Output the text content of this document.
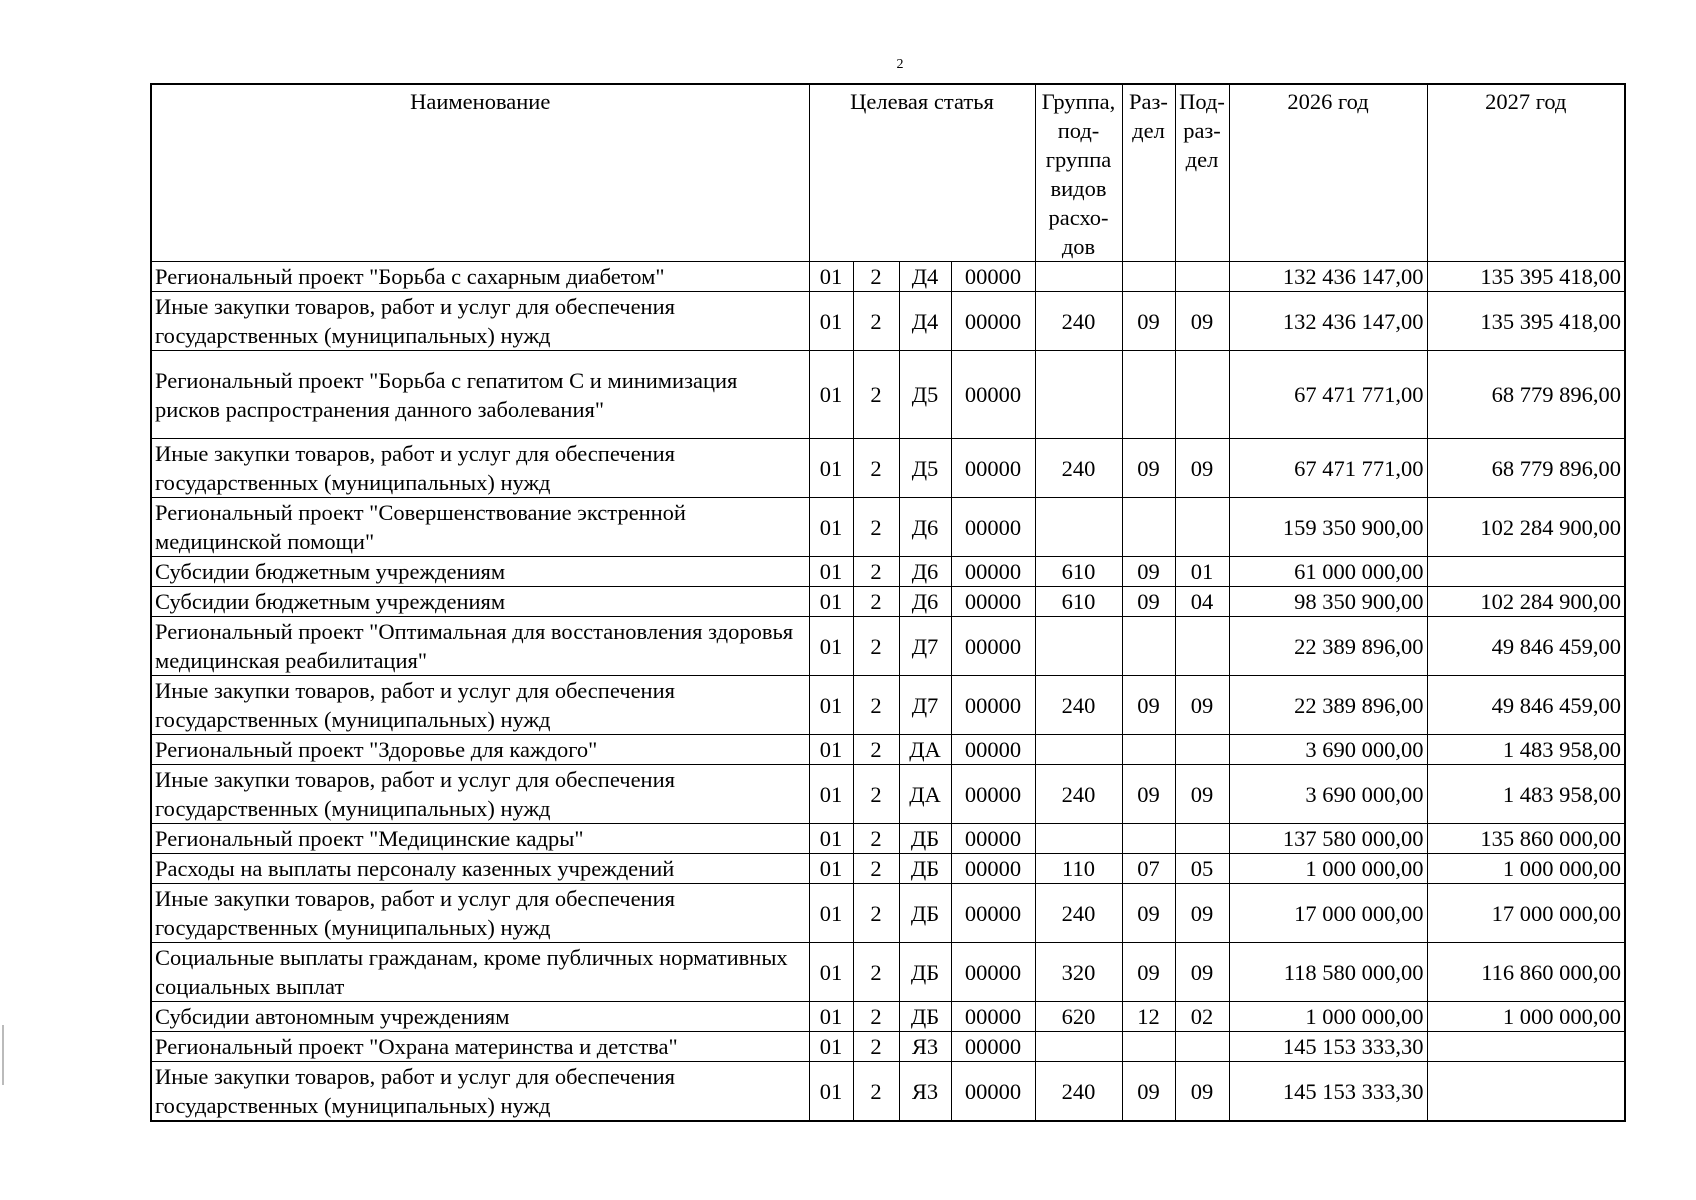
2
Наименование	Целевая статья				Группа, под-группа видов расхо-дов	Раз-дел	Под-раз-дел	2026 год	2027 год
Региональный проект "Борьба с сахарным диабетом"	01	2	Д4	00000				132 436 147,00	135 395 418,00
Иные закупки товаров, работ и услуг для обеспечения государственных (муниципальных) нужд	01	2	Д4	00000	240	09	09	132 436 147,00	135 395 418,00
Региональный проект "Борьба с гепатитом С и минимизация рисков распространения данного заболевания"	01	2	Д5	00000				67 471 771,00	68 779 896,00
Иные закупки товаров, работ и услуг для обеспечения государственных (муниципальных) нужд	01	2	Д5	00000	240	09	09	67 471 771,00	68 779 896,00
Региональный проект "Совершенствование экстренной медицинской помощи"	01	2	Д6	00000				159 350 900,00	102 284 900,00
Субсидии бюджетным учреждениям	01	2	Д6	00000	610	09	01	61 000 000,00	
Субсидии бюджетным учреждениям	01	2	Д6	00000	610	09	04	98 350 900,00	102 284 900,00
Региональный проект "Оптимальная для восстановления здоровья медицинская реабилитация"	01	2	Д7	00000				22 389 896,00	49 846 459,00
Иные закупки товаров, работ и услуг для обеспечения государственных (муниципальных) нужд	01	2	Д7	00000	240	09	09	22 389 896,00	49 846 459,00
Региональный проект "Здоровье для каждого"	01	2	ДА	00000				3 690 000,00	1 483 958,00
Иные закупки товаров, работ и услуг для обеспечения государственных (муниципальных) нужд	01	2	ДА	00000	240	09	09	3 690 000,00	1 483 958,00
Региональный проект "Медицинские кадры"	01	2	ДБ	00000				137 580 000,00	135 860 000,00
Расходы на выплаты персоналу казенных учреждений	01	2	ДБ	00000	110	07	05	1 000 000,00	1 000 000,00
Иные закупки товаров, работ и услуг для обеспечения государственных (муниципальных) нужд	01	2	ДБ	00000	240	09	09	17 000 000,00	17 000 000,00
Социальные выплаты гражданам, кроме публичных нормативных социальных выплат	01	2	ДБ	00000	320	09	09	118 580 000,00	116 860 000,00
Субсидии автономным учреждениям	01	2	ДБ	00000	620	12	02	1 000 000,00	1 000 000,00
Региональный проект "Охрана материнства и детства"	01	2	Я3	00000				145 153 333,30	
Иные закупки товаров, работ и услуг для обеспечения государственных (муниципальных) нужд	01	2	Я3	00000	240	09	09	145 153 333,30	
